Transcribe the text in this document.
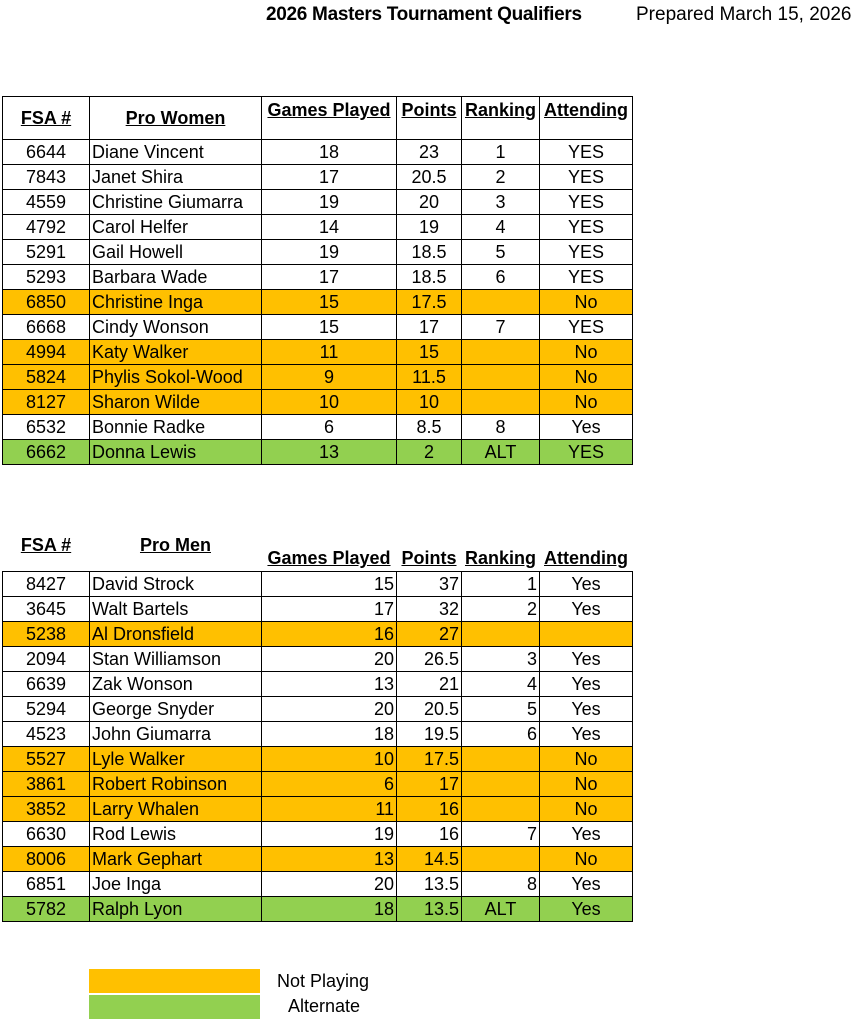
2026 Masters Tournament Qualifiers	Prepared March 15, 2026
FSA #	Pro Women	Games Played	Points	Ranking	Attending

6644	Diane Vincent	18	23	1	YES
7843	Janet Shira	17	20.5	2	YES
4559	Christine Giumarra	19	20	3	YES
4792	Carol Helfer	14	19	4	YES
5291	Gail Howell	19	18.5	5	YES
5293	Barbara Wade	17	18.5	6	YES
6850	Christine Inga	15	17.5		No
6668	Cindy Wonson	15	17	7	YES
4994	Katy Walker	11	15		No
5824	Phylis Sokol-Wood	9	11.5		No
8127	Sharon Wilde	10	10		No
6532	Bonnie Radke	6	8.5	8	Yes
6662	Donna Lewis	13	2	ALT	YES
FSA #	Pro Men	Games Played	Points	Ranking	Attending

8427	David Strock	15	37	1	Yes
3645	Walt Bartels	17	32	2	Yes
5238	Al Dronsfield	16	27		
2094	Stan Williamson	20	26.5	3	Yes
6639	Zak Wonson	13	21	4	Yes
5294	George Snyder	20	20.5	5	Yes
4523	John Giumarra	18	19.5	6	Yes
5527	Lyle Walker	10	17.5		No
3861	Robert Robinson	6	17		No
3852	Larry Whalen	11	16		No
6630	Rod Lewis	19	16	7	Yes
8006	Mark Gephart	13	14.5		No
6851	Joe Inga	20	13.5	8	Yes
5782	Ralph Lyon	18	13.5	ALT	Yes
Not Playing
Alternate
